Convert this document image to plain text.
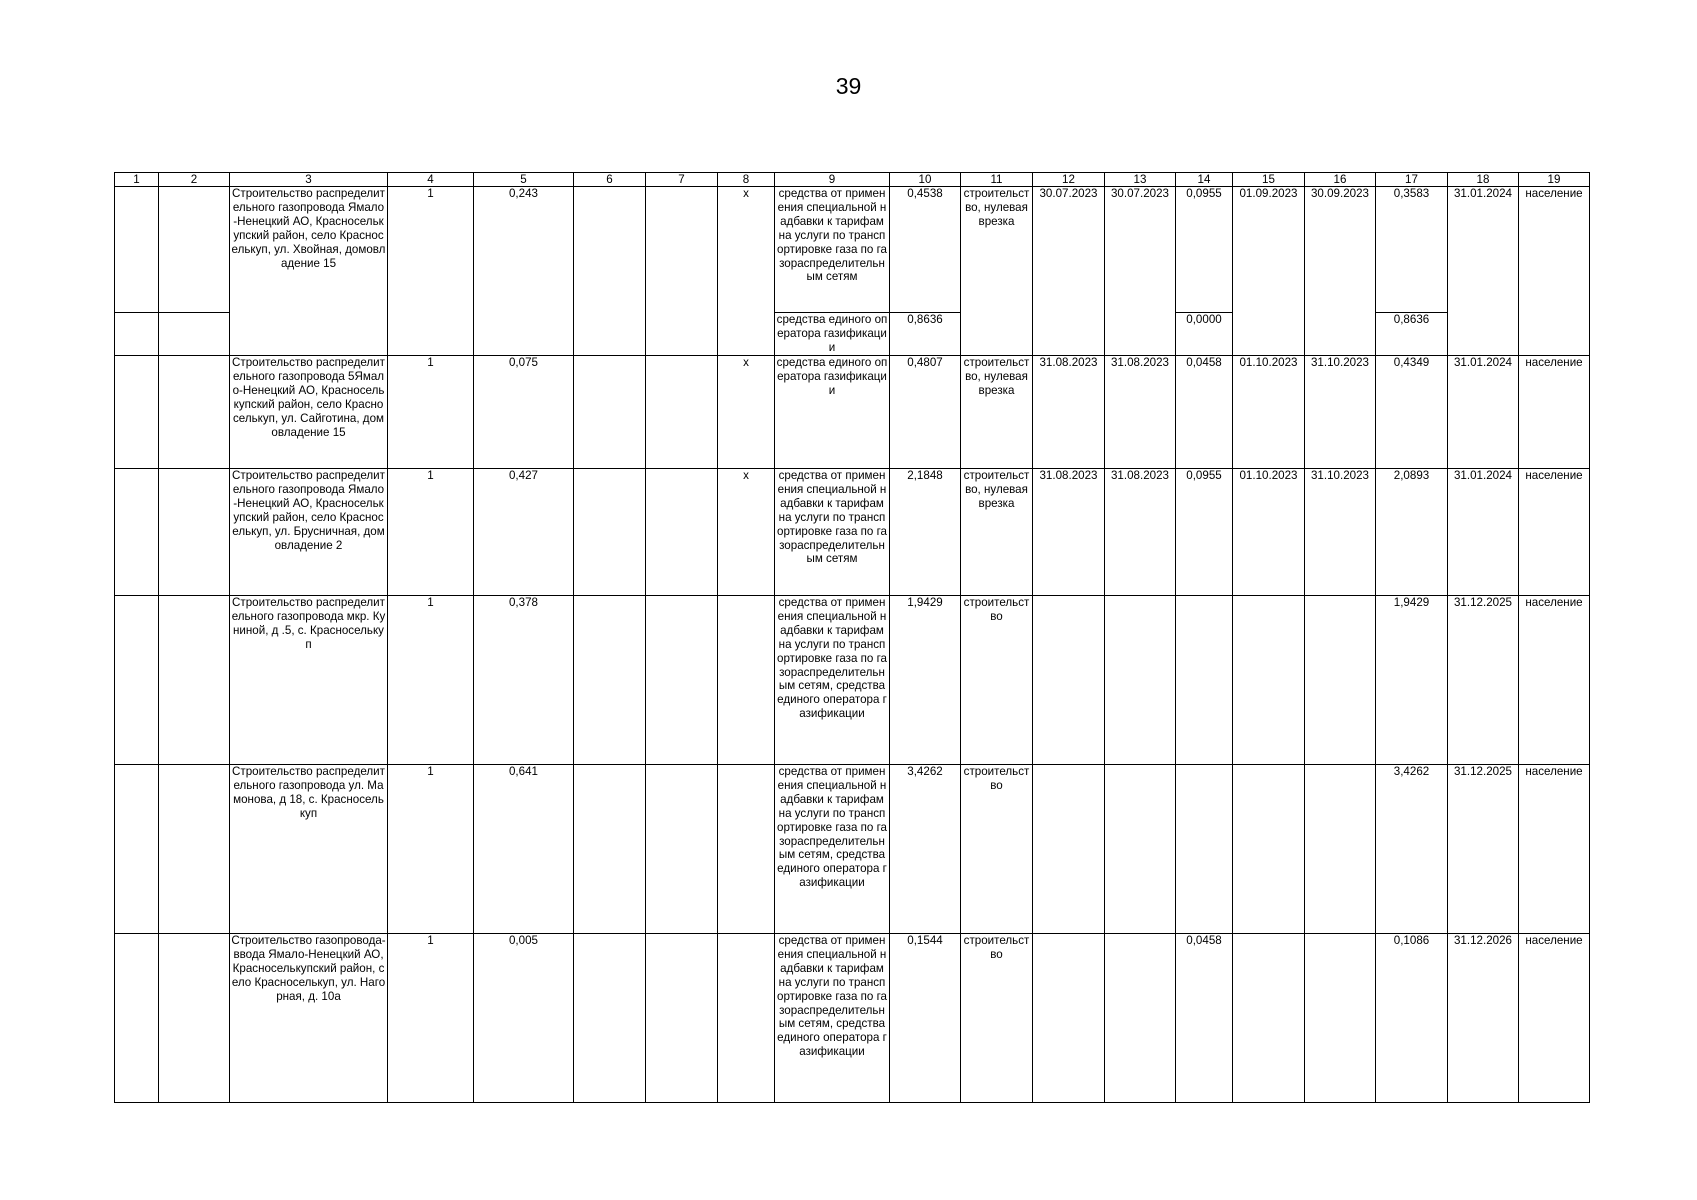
39
1	2	3	4	5	6	7	8	9	10	11	12	13	14	15	16	17	18	19
		Строительство распределительного газопровода Ямало-Ненецкий АО, Красноселькупский район, село Красноселькуп, ул. Хвойная, домовладение 15	1	0,243			х	средства от применения специальной надбавки к тарифам на услуги по транспортировке газа по газораспределительным сетям	0,4538	строительство, нулевая врезка	30.07.2023	30.07.2023	0,0955	01.09.2023	30.09.2023	0,3583	31.01.2024	население
								средства единого оператора газификации	0,8636				0,0000			0,8636		
		Строительство распределительного газопровода 5Ямало-Ненецкий АО, Красноселькупский район, село Красноселькуп, ул. Сайготина, домовладение 15	1	0,075			х	средства единого оператора газификации	0,4807	строительство, нулевая врезка	31.08.2023	31.08.2023	0,0458	01.10.2023	31.10.2023	0,4349	31.01.2024	население
		Строительство распределительного газопровода Ямало-Ненецкий АО, Красноселькупский район, село Красноселькуп, ул. Брусничная, домовладение 2	1	0,427			х	средства от применения специальной надбавки к тарифам на услуги по транспортировке газа по газораспределительным сетям	2,1848	строительство, нулевая врезка	31.08.2023	31.08.2023	0,0955	01.10.2023	31.10.2023	2,0893	31.01.2024	население
		Строительство распределительного газопровода мкр. Куниной, д .5, с. Красноселькуп	1	0,378				средства от применения специальной надбавки к тарифам на услуги по транспортировке газа по газораспределительным сетям, средства единого оператора газификации	1,9429	строительство						1,9429	31.12.2025	население
		Строительство распределительного газопровода ул. Мамонова, д 18, с. Красноселькуп	1	0,641				средства от применения специальной надбавки к тарифам на услуги по транспортировке газа по газораспределительным сетям, средства единого оператора газификации	3,4262	строительство						3,4262	31.12.2025	население
		Строительство газопровода-ввода Ямало-Ненецкий АО, Красноселькупский район, село Красноселькуп, ул. Нагорная, д. 10а	1	0,005				средства от применения специальной надбавки к тарифам на услуги по транспортировке газа по газораспределительным сетям, средства единого оператора газификации	0,1544	строительство			0,0458			0,1086	31.12.2026	население
